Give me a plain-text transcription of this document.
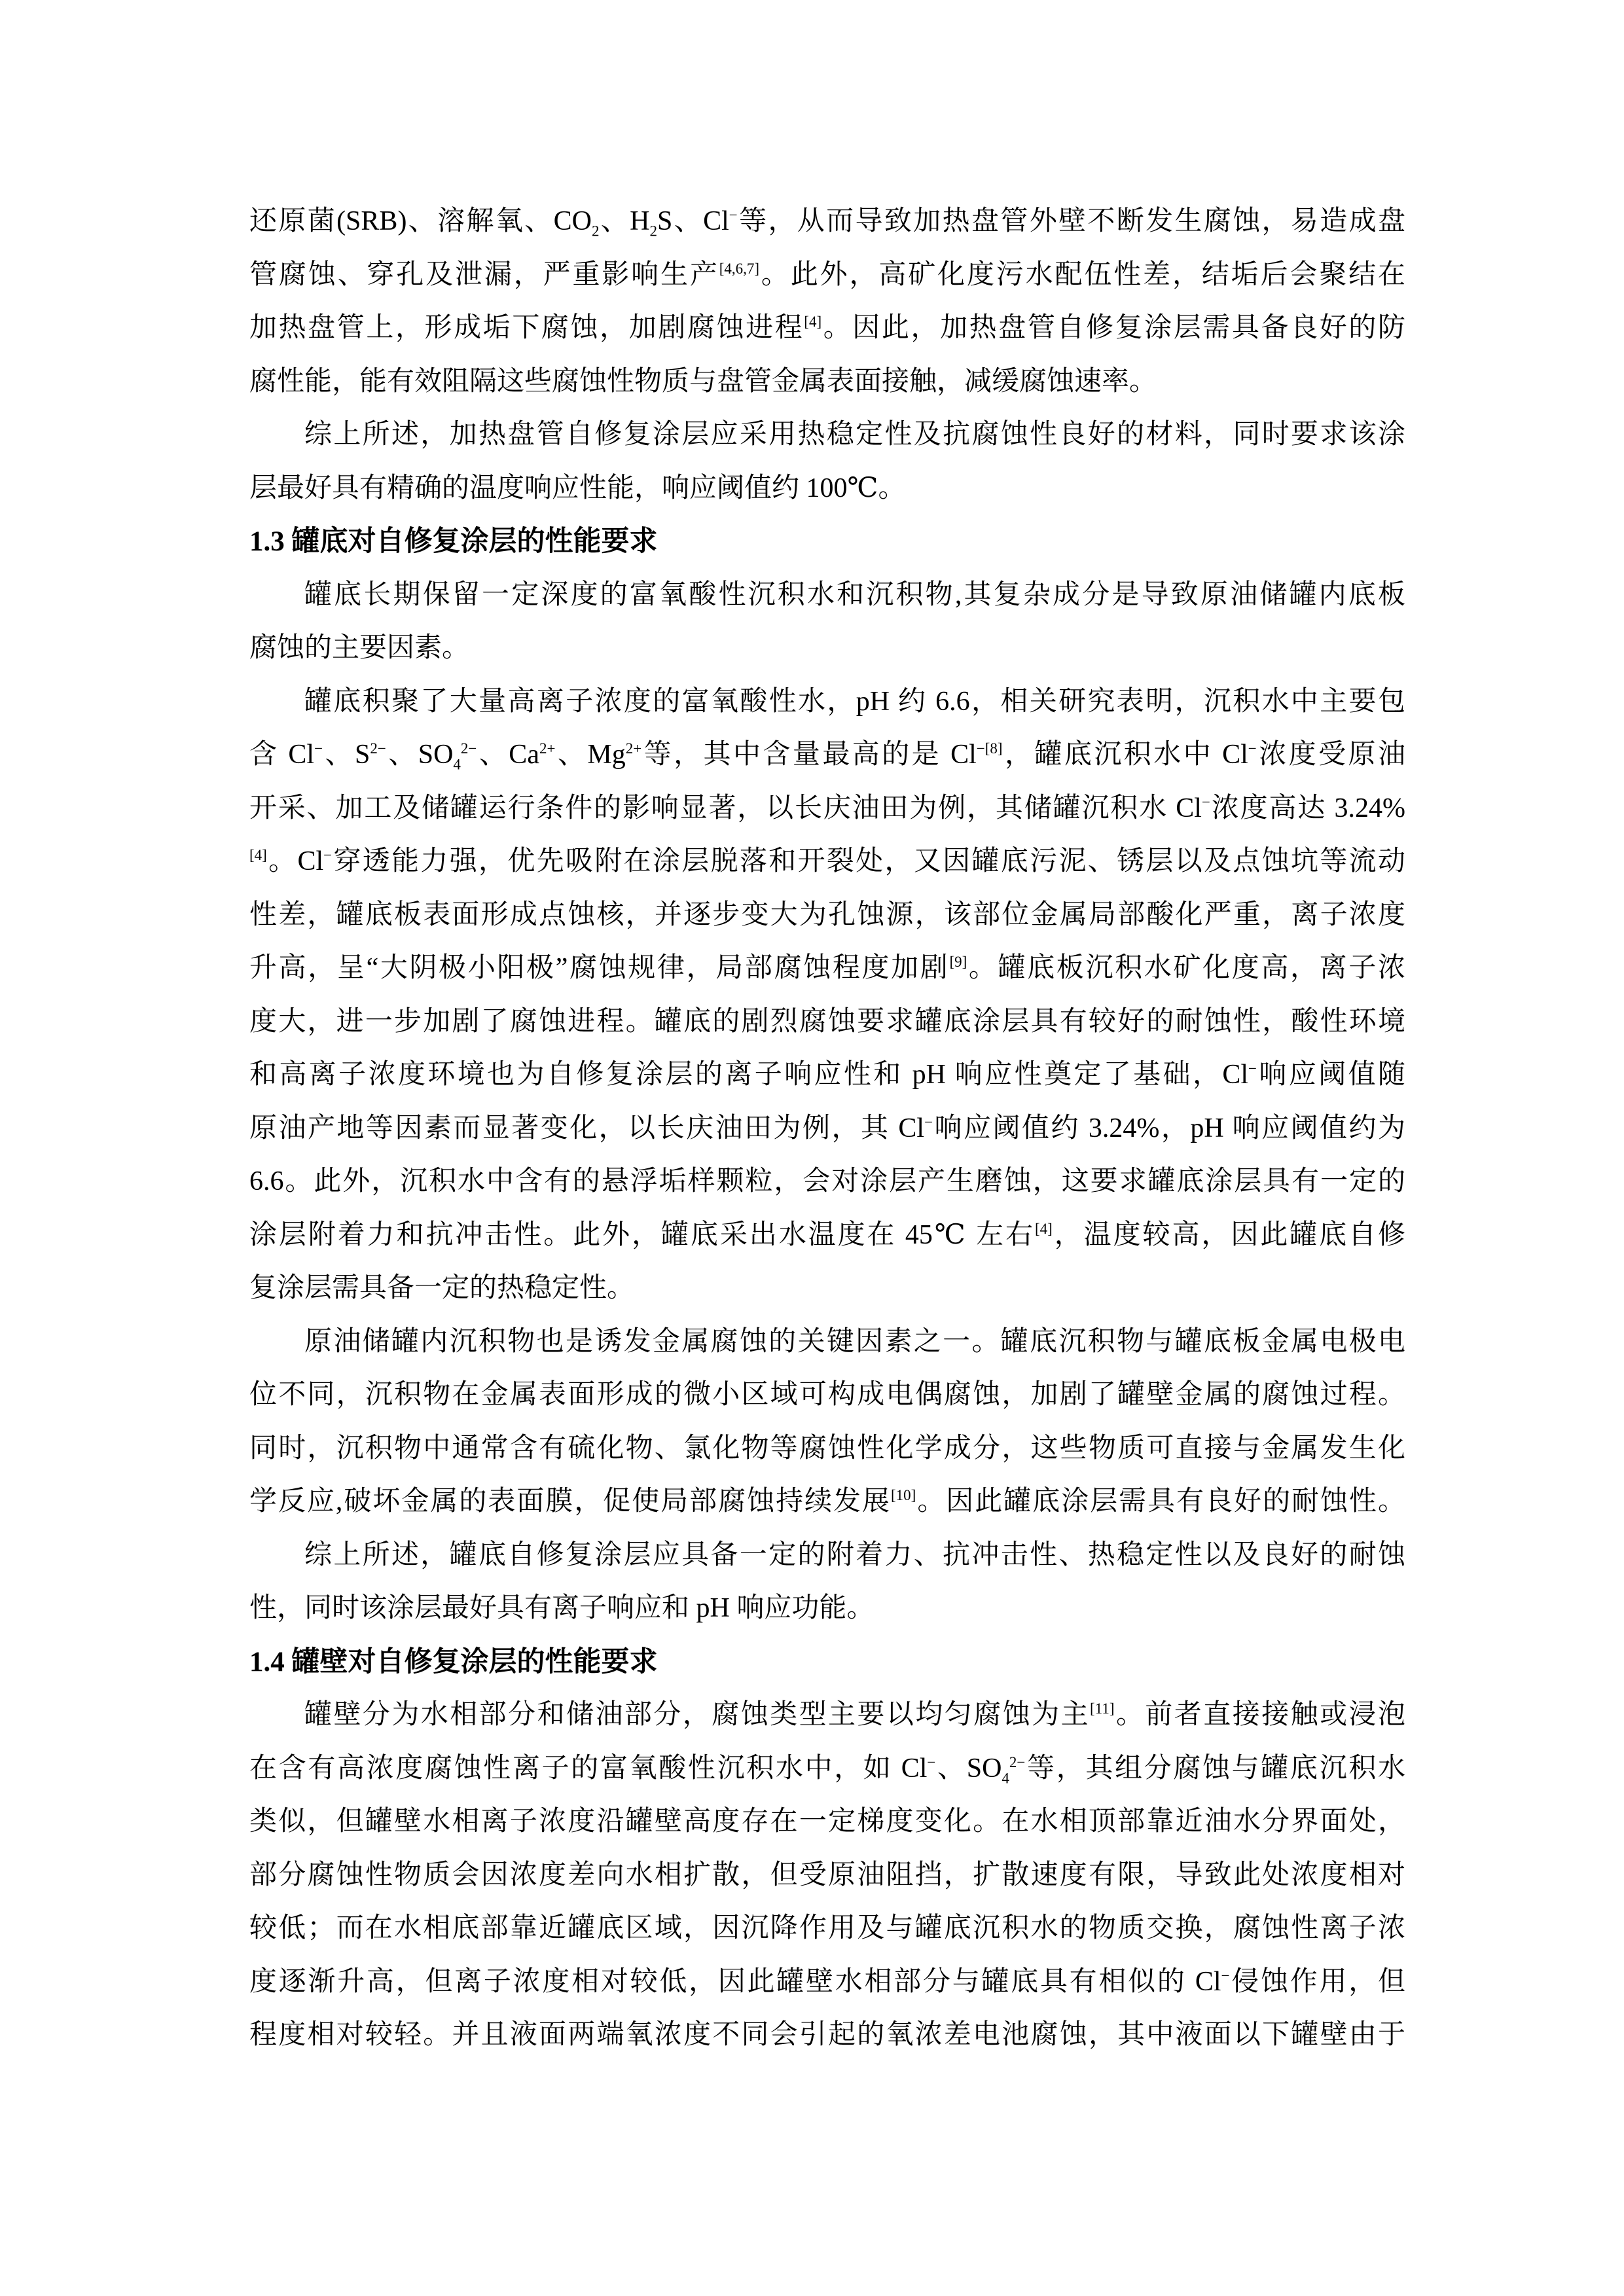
还原菌(SRB)、溶解氧、$CO_2$、$H_2S$、Cl−等，从而导致加热盘管外壁不断发生腐蚀，易造成盘
管腐蚀、穿孔及泄漏，严重影响生产[4,6,7]。此外，高矿化度污水配伍性差，结垢后会聚结在
加热盘管上，形成垢下腐蚀，加剧腐蚀进程[4]。因此，加热盘管自修复涂层需具备良好的防
腐性能，能有效阻隔这些腐蚀性物质与盘管金属表面接触，减缓腐蚀速率。
综上所述，加热盘管自修复涂层应采用热稳定性及抗腐蚀性良好的材料，同时要求该涂
层最好具有精确的温度响应性能，响应阈值约 100℃。
1.3 罐底对自修复涂层的性能要求
罐底长期保留一定深度的富氧酸性沉积水和沉积物,其复杂成分是导致原油储罐内底板
腐蚀的主要因素。
罐底积聚了大量高离子浓度的富氧酸性水，pH 约 6.6，相关研究表明，沉积水中主要包
含 Cl−、$S^{2-}$、$SO_4^{2-}$、$Ca^{2+}$、$Mg^{2+}$等，其中含量最高的是 $Cl^{-[8]}$，罐底沉积水中 Cl−浓度受原油
开采、加工及储罐运行条件的影响显著，以长庆油田为例，其储罐沉积水 Cl−浓度高达 3.24%
[4]。Cl−穿透能力强，优先吸附在涂层脱落和开裂处，又因罐底污泥、锈层以及点蚀坑等流动
性差，罐底板表面形成点蚀核，并逐步变大为孔蚀源，该部位金属局部酸化严重，离子浓度
升高，呈“大阴极小阳极”腐蚀规律，局部腐蚀程度加剧[9]。罐底板沉积水矿化度高，离子浓
度大，进一步加剧了腐蚀进程。罐底的剧烈腐蚀要求罐底涂层具有较好的耐蚀性，酸性环境
和高离子浓度环境也为自修复涂层的离子响应性和 pH 响应性奠定了基础，Cl−响应阈值随
原油产地等因素而显著变化，以长庆油田为例，其 Cl−响应阈值约 3.24%，pH 响应阈值约为
6.6。此外，沉积水中含有的悬浮垢样颗粒，会对涂层产生磨蚀，这要求罐底涂层具有一定的
涂层附着力和抗冲击性。此外，罐底采出水温度在 45℃ 左右[4]，温度较高，因此罐底自修
复涂层需具备一定的热稳定性。
原油储罐内沉积物也是诱发金属腐蚀的关键因素之一。罐底沉积物与罐底板金属电极电
位不同，沉积物在金属表面形成的微小区域可构成电偶腐蚀，加剧了罐壁金属的腐蚀过程。
同时，沉积物中通常含有硫化物、氯化物等腐蚀性化学成分，这些物质可直接与金属发生化
学反应,破坏金属的表面膜，促使局部腐蚀持续发展[10]。因此罐底涂层需具有良好的耐蚀性。
综上所述，罐底自修复涂层应具备一定的附着力、抗冲击性、热稳定性以及良好的耐蚀
性，同时该涂层最好具有离子响应和 pH 响应功能。
1.4 罐壁对自修复涂层的性能要求
罐壁分为水相部分和储油部分，腐蚀类型主要以均匀腐蚀为主[11]。前者直接接触或浸泡
在含有高浓度腐蚀性离子的富氧酸性沉积水中，如 Cl−、$SO_4^{2-}$等，其组分腐蚀与罐底沉积水
类似，但罐壁水相离子浓度沿罐壁高度存在一定梯度变化。在水相顶部靠近油水分界面处，
部分腐蚀性物质会因浓度差向水相扩散，但受原油阻挡，扩散速度有限，导致此处浓度相对
较低；而在水相底部靠近罐底区域，因沉降作用及与罐底沉积水的物质交换，腐蚀性离子浓
度逐渐升高，但离子浓度相对较低，因此罐壁水相部分与罐底具有相似的 Cl−侵蚀作用，但
程度相对较轻。并且液面两端氧浓度不同会引起的氧浓差电池腐蚀，其中液面以下罐壁由于
